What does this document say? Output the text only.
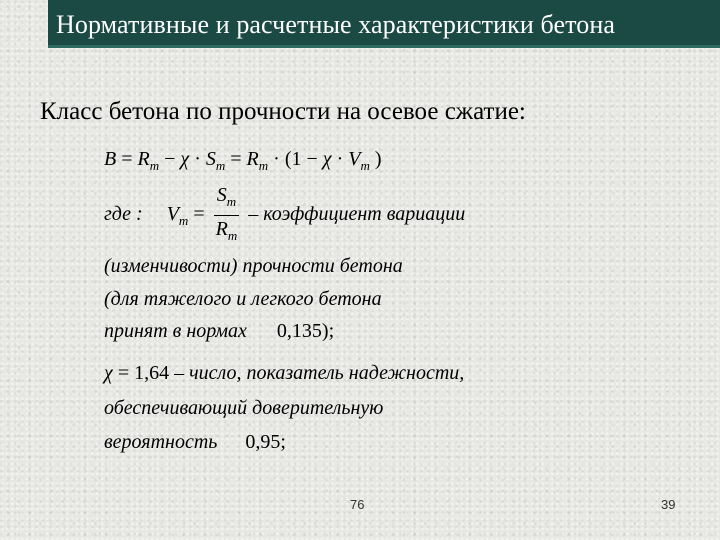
Нормативные и расчетные характеристики бетона
Класс бетона по прочности на осевое сжатие:
$B = R_m - \chi \cdot S_m = R_m \cdot (1 - \chi \cdot V_m$ )
где : $V_m = \frac{S_m}{R_m}$ – коэффициент вариации
(изменчивости) прочности бетона
(для тяжелого и легкого бетона
принят в нормах 0,135);
χ = 1,64 – число, показатель надежности,
обеспечивающий доверительную
вероятность 0,95;
76	39
